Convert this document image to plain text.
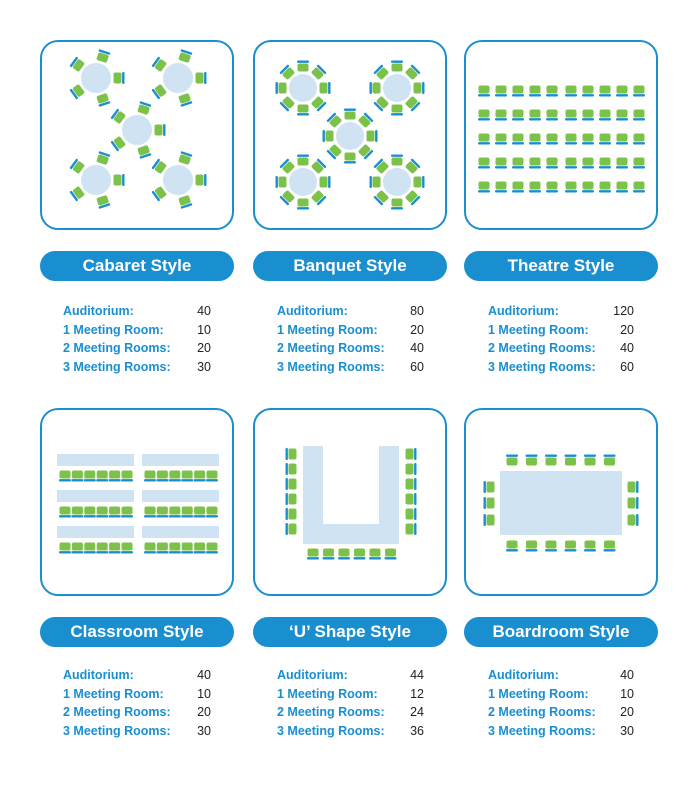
Cabaret Style	Banquet Style	Theatre Style
Auditorium:	40
1 Meeting Room:	10
2 Meeting Rooms: 20
3 Meeting Rooms: 30
Auditorium:	80
1 Meeting Room:	20
2 Meeting Rooms: 40
3 Meeting Rooms: 60
Auditorium:	120
1 Meeting Room:	20
2 Meeting Rooms: 40
3 Meeting Rooms: 60
Classroom Style	‘U’ Shape Style	Boardroom Style
Auditorium:	40
1 Meeting Room:	10
2 Meeting Rooms: 20
3 Meeting Rooms: 30
Auditorium:	44
1 Meeting Room:	12
2 Meeting Rooms: 24
3 Meeting Rooms: 36
Auditorium:	40
1 Meeting Room:	10
2 Meeting Rooms: 20
3 Meeting Rooms: 30
